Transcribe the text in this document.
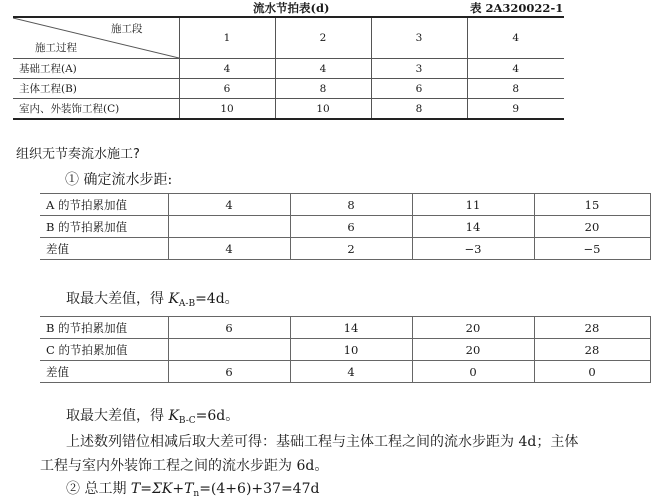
流水节拍表(d)	表 2A320022-1
施工段
施工过程	1	2	3	4
基础工程(A)	4	4	3	4
主体工程(B)	6	8	6	8
室内、外装饰工程(C)	10	10	8	9
组织无节奏流水施工?
① 确定流水步距:
A 的节拍累加值	4	8	11	15	
B 的节拍累加值		6	14	20	
差值	4	2	−3	−5	
取最大差值，得 $K_{A-B}=4d$。
B 的节拍累加值	6	14	20	28	
C 的节拍累加值		10	20	28	
差值	6	4	0	0	
取最大差值，得 $K_{B-C}=6d$。
上述数列错位相减后取大差可得：基础工程与主体工程之间的流水步距为 4d；主体
工程与室内外装饰工程之间的流水步距为 6d。
② 总工期 $T=\Sigma K+T_n=(4+6)+37=47d$
